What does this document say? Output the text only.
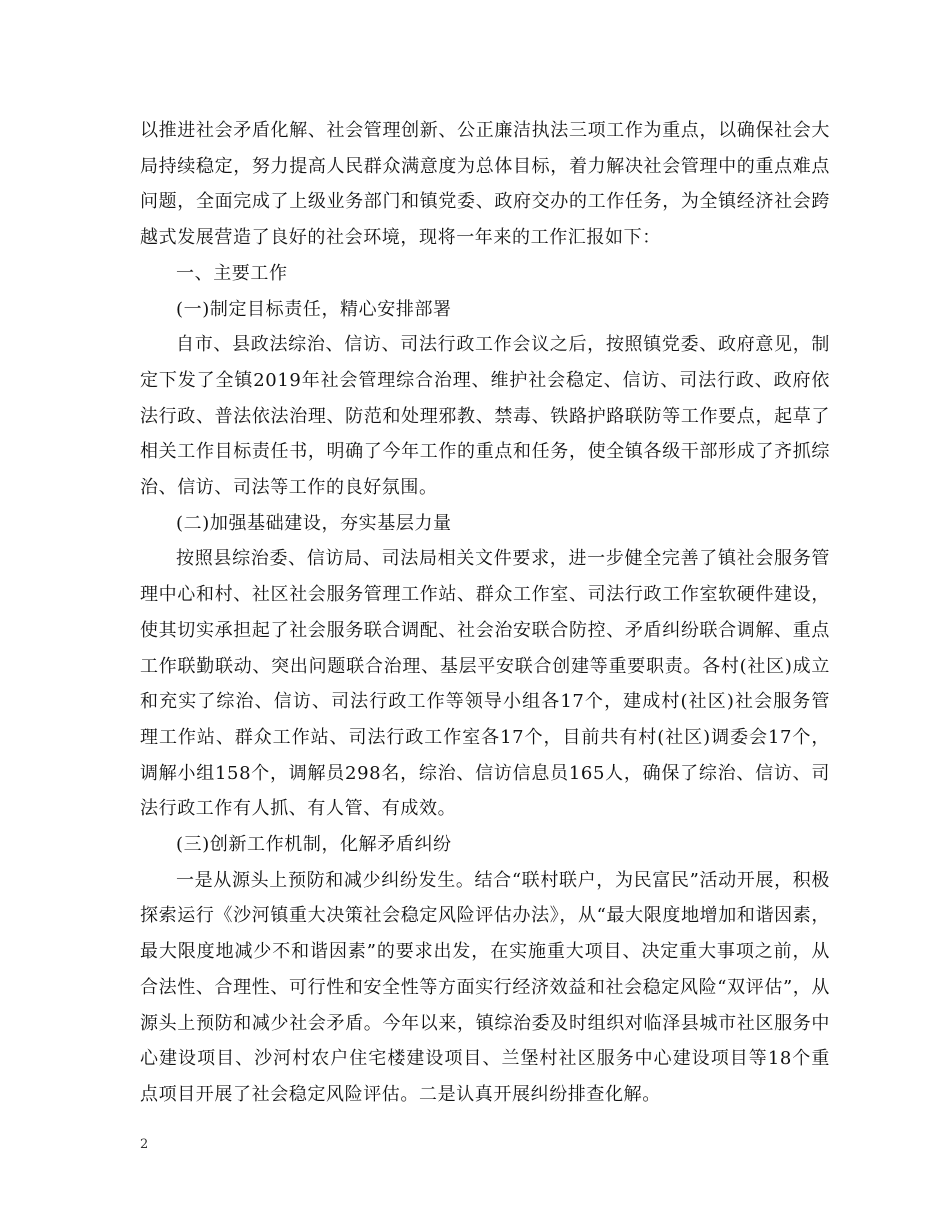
以推进社会矛盾化解、社会管理创新、公正廉洁执法三项工作为重点，以确保社会大局持续稳定，努力提高人民群众满意度为总体目标，着力解决社会管理中的重点难点问题，全面完成了上级业务部门和镇党委、政府交办的工作任务，为全镇经济社会跨越式发展营造了良好的社会环境，现将一年来的工作汇报如下：

一、主要工作

(一)制定目标责任，精心安排部署

自市、县政法综治、信访、司法行政工作会议之后，按照镇党委、政府意见，制定下发了全镇2019年社会管理综合治理、维护社会稳定、信访、司法行政、政府依法行政、普法依法治理、防范和处理邪教、禁毒、铁路护路联防等工作要点，起草了相关工作目标责任书，明确了今年工作的重点和任务，使全镇各级干部形成了齐抓综治、信访、司法等工作的良好氛围。

(二)加强基础建设，夯实基层力量

按照县综治委、信访局、司法局相关文件要求，进一步健全完善了镇社会服务管理中心和村、社区社会服务管理工作站、群众工作室、司法行政工作室软硬件建设，使其切实承担起了社会服务联合调配、社会治安联合防控、矛盾纠纷联合调解、重点工作联勤联动、突出问题联合治理、基层平安联合创建等重要职责。各村(社区)成立和充实了综治、信访、司法行政工作等领导小组各17个，建成村(社区)社会服务管理工作站、群众工作站、司法行政工作室各17个，目前共有村(社区)调委会17个，调解小组158个，调解员298名，综治、信访信息员165人，确保了综治、信访、司法行政工作有人抓、有人管、有成效。

(三)创新工作机制，化解矛盾纠纷

一是从源头上预防和减少纠纷发生。结合“联村联户，为民富民”活动开展，积极探索运行《沙河镇重大决策社会稳定风险评估办法》，从“最大限度地增加和谐因素，最大限度地减少不和谐因素”的要求出发，在实施重大项目、决定重大事项之前，从合法性、合理性、可行性和安全性等方面实行经济效益和社会稳定风险“双评估”，从源头上预防和减少社会矛盾。今年以来，镇综治委及时组织对临泽县城市社区服务中心建设项目、沙河村农户住宅楼建设项目、兰堡村社区服务中心建设项目等18个重点项目开展了社会稳定风险评估。二是认真开展纠纷排查化解。

2
